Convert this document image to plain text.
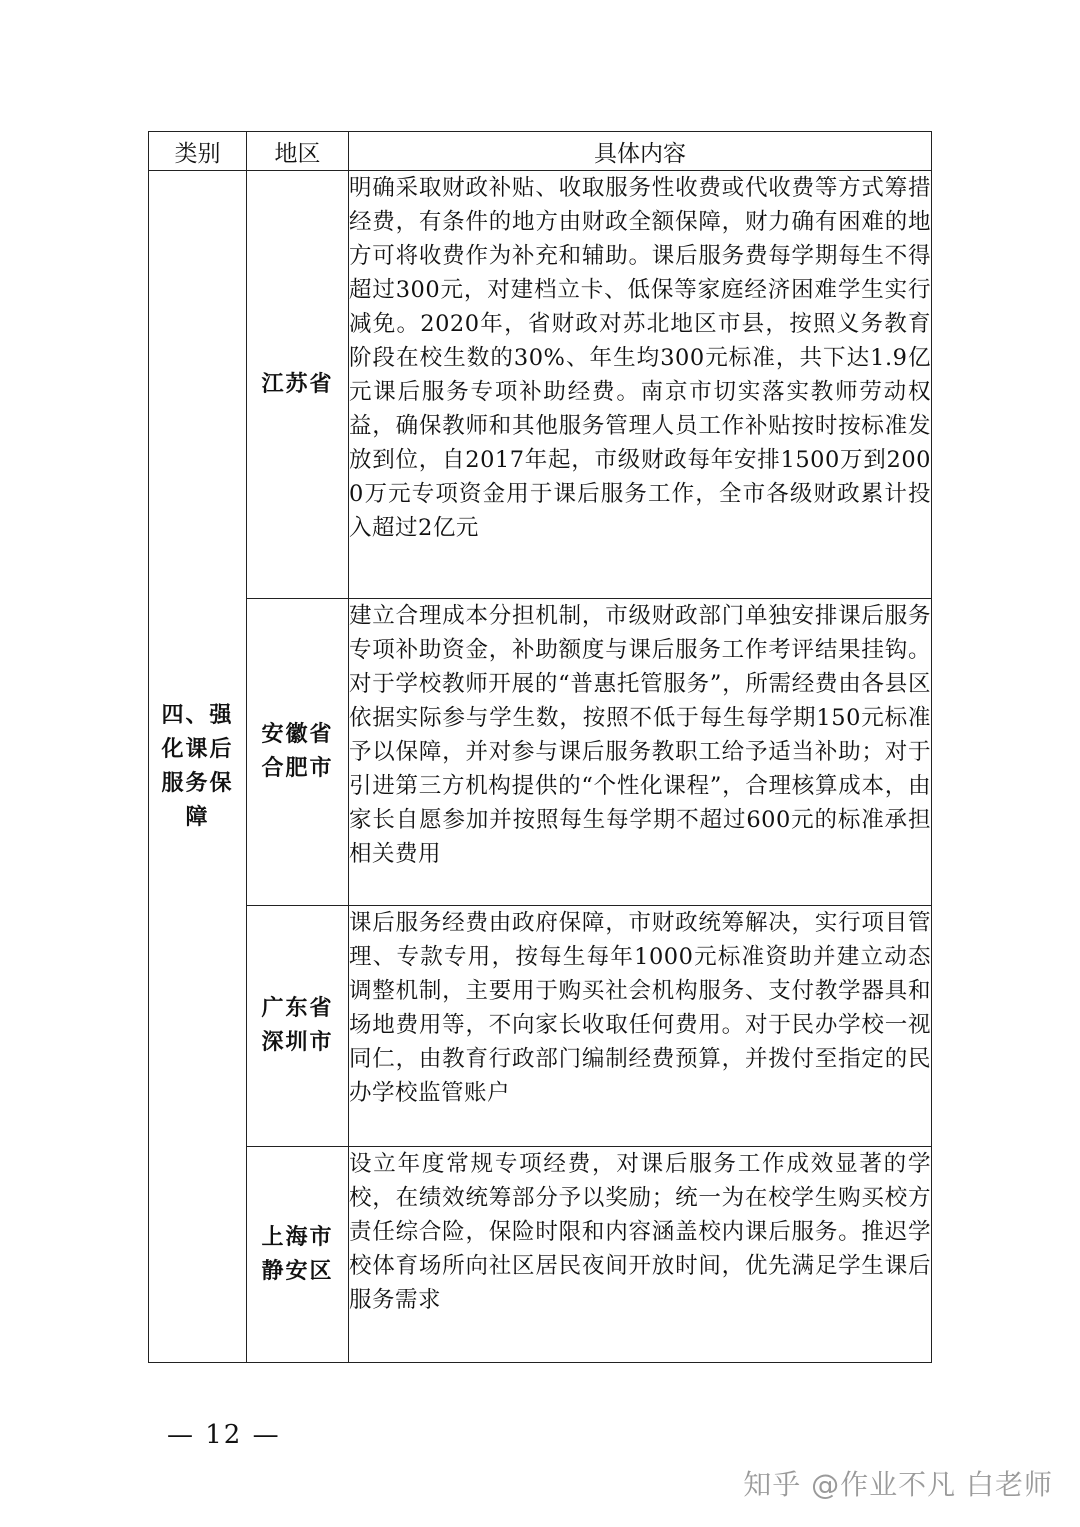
类别	地区	具体内容
四、强化课后服务保障	江苏省	明确采取财政补贴、收取服务性收费或代收费等方式筹措经费，有条件的地方由财政全额保障，财力确有困难的地方可将收费作为补充和辅助。课后服务费每学期每生不得超过300元，对建档立卡、低保等家庭经济困难学生实行减免。2020年，省财政对苏北地区市县，按照义务教育阶段在校生数的30%、年生均300元标准，共下达1.9亿元课后服务专项补助经费。南京市切实落实教师劳动权益，确保教师和其他服务管理人员工作补贴按时按标准发放到位，自2017年起，市级财政每年安排1500万到2000万元专项资金用于课后服务工作，全市各级财政累计投入超过2亿元
	安徽省合肥市	建立合理成本分担机制，市级财政部门单独安排课后服务专项补助资金，补助额度与课后服务工作考评结果挂钩。对于学校教师开展的“普惠托管服务”，所需经费由各县区依据实际参与学生数，按照不低于每生每学期150元标准予以保障，并对参与课后服务教职工给予适当补助；对于引进第三方机构提供的“个性化课程”，合理核算成本，由家长自愿参加并按照每生每学期不超过600元的标准承担相关费用
	广东省深圳市	课后服务经费由政府保障，市财政统筹解决，实行项目管理、专款专用，按每生每年1000元标准资助并建立动态调整机制，主要用于购买社会机构服务、支付教学器具和场地费用等，不向家长收取任何费用。对于民办学校一视同仁，由教育行政部门编制经费预算，并拨付至指定的民办学校监管账户
	上海市静安区	设立年度常规专项经费，对课后服务工作成效显著的学校，在绩效统筹部分予以奖励；统一为在校学生购买校方责任综合险，保险时限和内容涵盖校内课后服务。推迟学校体育场所向社区居民夜间开放时间，优先满足学生课后服务需求
— 12 —
知乎 @作业不凡 白老师
